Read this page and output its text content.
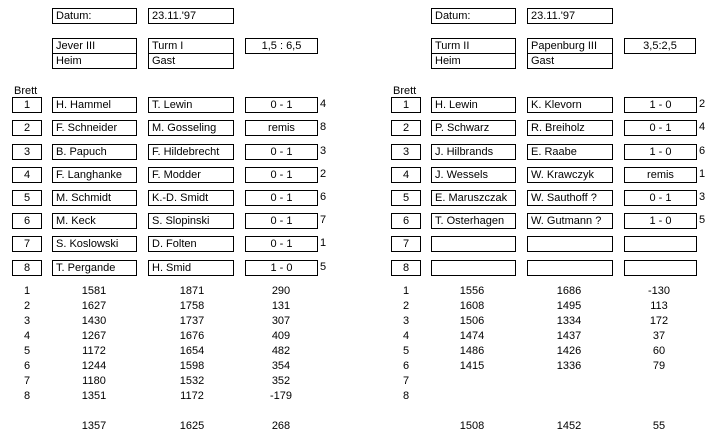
Datum:	23.11.'97
Jever III	Turm I	1,5 : 6,5
Heim	Gast
Brett
1	H. Hammel	T. Lewin	0 - 1	4
2	F. Schneider	M. Gosseling	remis	8
3	B. Papuch	F. Hildebrecht	0 - 1	3
4	F. Langhanke	F. Modder	0 - 1	2
5	M. Schmidt	K.-D. Smidt	0 - 1	6
6	M. Keck	S. Slopinski	0 - 1	7
7	S. Koslowski	D. Folten	0 - 1	1
8	T. Pergande	H. Smid	1 - 0	5
1	1581	1871	290
2	1627	1758	131
3	1430	1737	307
4	1267	1676	409
5	1172	1654	482
6	1244	1598	354
7	1180	1532	352
8	1351	1172	-179
1357	1625	268
Datum:	23.11.'97
Turm II	Papenburg III	3,5:2,5
Heim	Gast
Brett
1	H. Lewin	K. Klevorn	1 - 0	2
2	P. Schwarz	R. Breiholz	0 - 1	4
3	J. Hilbrands	E. Raabe	1 - 0	6
4	J. Wessels	W. Krawczyk	remis	1
5	E. Maruszczak	W. Sauthoff ?	0 - 1	3
6	T. Osterhagen	W. Gutmann ?	1 - 0	5
7
8
1	1556	1686	-130
2	1608	1495	113
3	1506	1334	172
4	1474	1437	37
5	1486	1426	60
6	1415	1336	79
7
8
1508	1452	55
